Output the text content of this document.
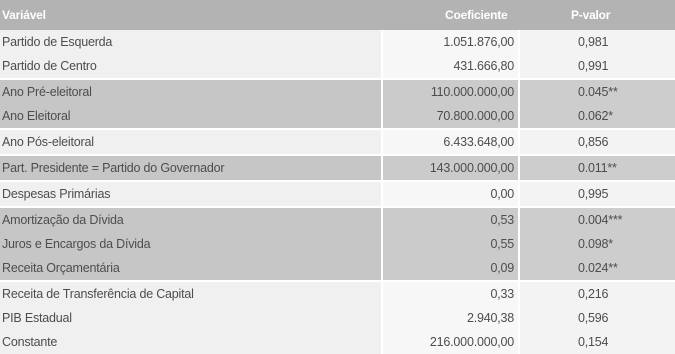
Variável	Coeficiente	P-valor
Partido de Esquerda	1.051.876,00	0,981
Partido de Centro	431.666,80	0,991
Ano Pré-eleitoral	110.000.000,00	0.045**
Ano Eleitoral	70.800.000,00	0.062*
Ano Pós-eleitoral	6.433.648,00	0,856
Part. Presidente = Partido do Governador	143.000.000,00	0.011**
Despesas Primárias	0,00	0,995
Amortização da Dívida	0,53	0.004***
Juros e Encargos da Dívida	0,55	0.098*
Receita Orçamentária	0,09	0.024**
Receita de Transferência de Capital	0,33	0,216
PIB Estadual	2.940,38	0,596
Constante	216.000.000,00	0,154
